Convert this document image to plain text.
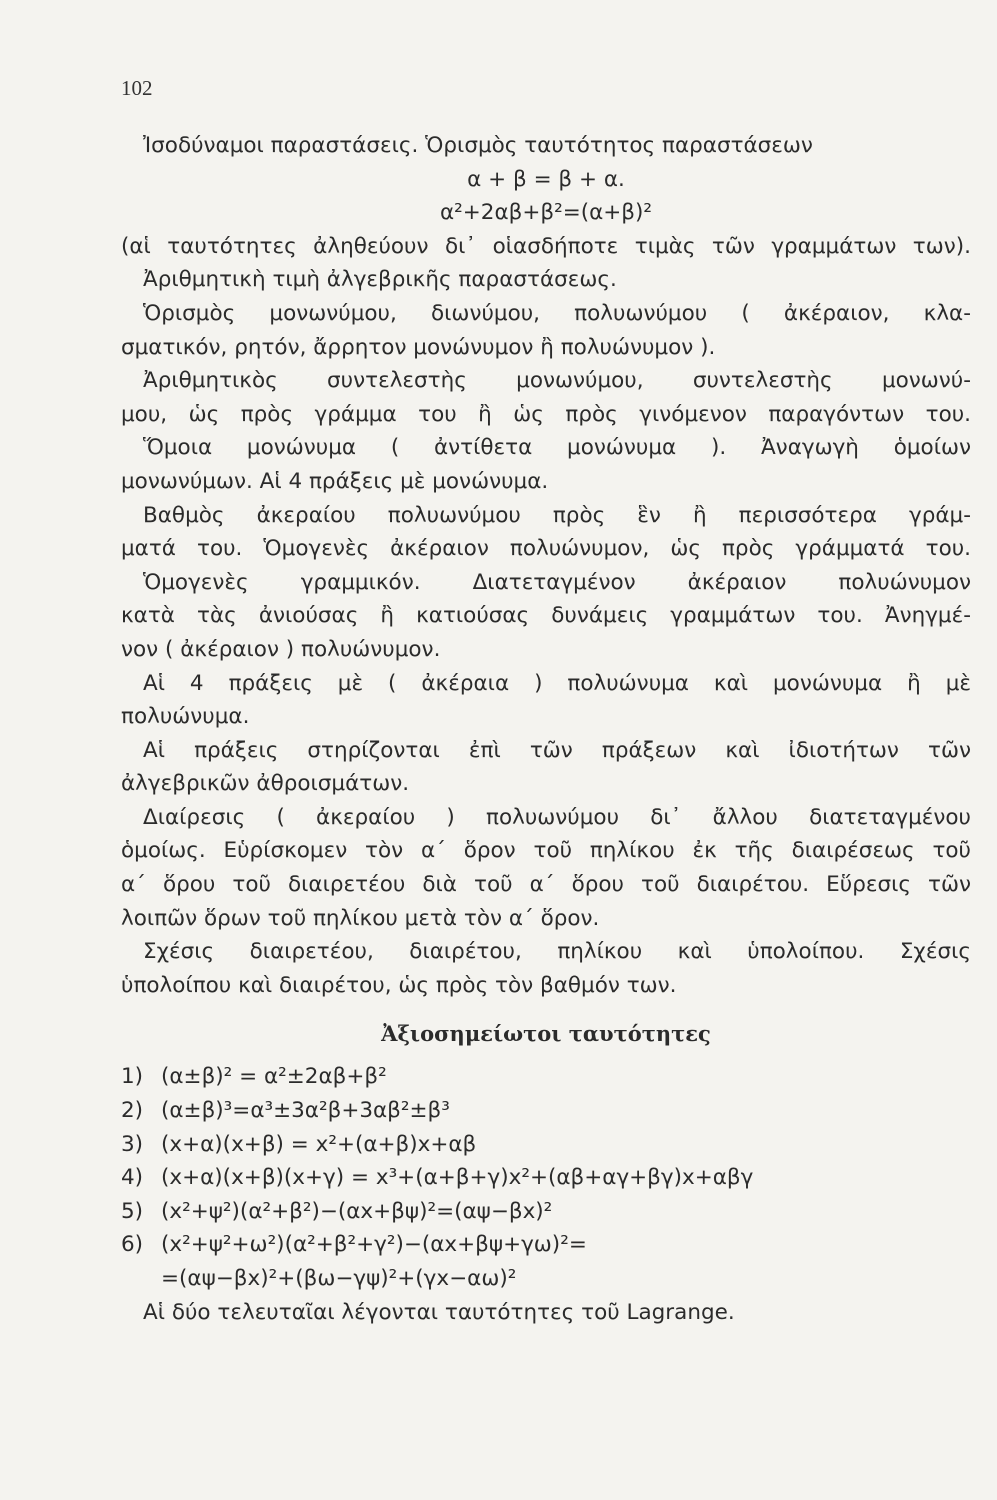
102
Ἰσοδύναμοι παραστάσεις. Ὁρισμὸς ταυτότητος παραστάσεων
α + β = β + α.
α²+2αβ+β²=(α+β)²
(αἱ ταυτότητες ἀληθεύουν δι᾽ οἱασδήποτε τιμὰς τῶν γραμμάτων των).
Ἀριθμητικὴ τιμὴ ἀλγεβρικῆς παραστάσεως.
Ὁρισμὸς μονωνύμου, διωνύμου, πολυωνύμου ( ἀκέραιον, κλα-
σματικόν, ρητόν, ἄρρητον μονώνυμον ἢ πολυώνυμον ).
Ἀριθμητικὸς συντελεστὴς μονωνύμου, συντελεστὴς μονωνύ-
μου, ὡς πρὸς γράμμα του ἢ ὡς πρὸς γινόμενον παραγόντων του.
Ὅμοια μονώνυμα ( ἀντίθετα μονώνυμα ). Ἀναγωγὴ ὁμοίων
μονωνύμων. Αἱ 4 πράξεις μὲ μονώνυμα.
Βαθμὸς ἀκεραίου πολυωνύμου πρὸς ἓν ἢ περισσότερα γράμ-
ματά του. Ὁμογενὲς ἀκέραιον πολυώνυμον, ὡς πρὸς γράμματά του.
Ὁμογενὲς γραμμικόν. Διατεταγμένον ἀκέραιον πολυώνυμον
κατὰ τὰς ἀνιούσας ἢ κατιούσας δυνάμεις γραμμάτων του. Ἀνηγμέ-
νον ( ἀκέραιον ) πολυώνυμον.
Αἱ 4 πράξεις μὲ ( ἀκέραια ) πολυώνυμα καὶ μονώνυμα ἢ μὲ
πολυώνυμα.
Αἱ πράξεις στηρίζονται ἐπὶ τῶν πράξεων καὶ ἰδιοτήτων τῶν
ἀλγεβρικῶν ἀθροισμάτων.
Διαίρεσις ( ἀκεραίου ) πολυωνύμου δι᾽ ἄλλου διατεταγμένου
ὁμοίως. Εὑρίσκομεν τὸν α΄ ὅρον τοῦ πηλίκου ἐκ τῆς διαιρέσεως τοῦ
α΄ ὅρου τοῦ διαιρετέου διὰ τοῦ α΄ ὅρου τοῦ διαιρέτου. Εὕρεσις τῶν
λοιπῶν ὅρων τοῦ πηλίκου μετὰ τὸν α΄ ὅρον.
Σχέσις διαιρετέου, διαιρέτου, πηλίκου καὶ ὑπολοίπου. Σχέσις
ὑπολοίπου καὶ διαιρέτου, ὡς πρὸς τὸν βαθμόν των.
Ἀξιοσημείωτοι ταυτότητες
1) (α±β)² = α²±2αβ+β²
2) (α±β)³=α³±3α²β+3αβ²±β³
3) (x+α)(x+β) = x²+(α+β)x+αβ
4) (x+α)(x+β)(x+γ) = x³+(α+β+γ)x²+(αβ+αγ+βγ)x+αβγ
5) (x²+ψ²)(α²+β²)−(αx+βψ)²=(αψ−βx)²
6) (x²+ψ²+ω²)(α²+β²+γ²)−(αx+βψ+γω)²=
=(αψ−βx)²+(βω−γψ)²+(γx−αω)²
Αἱ δύο τελευταῖαι λέγονται ταυτότητες τοῦ Lagrange.
